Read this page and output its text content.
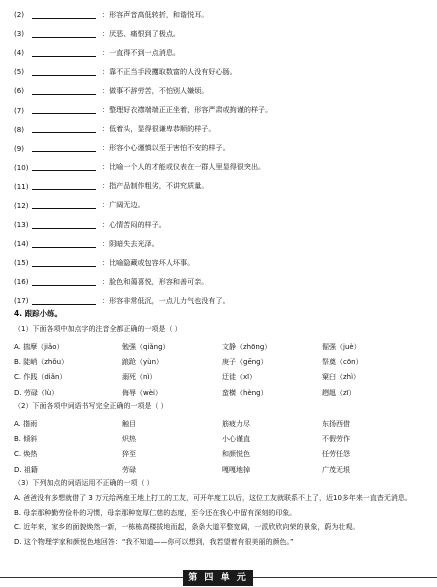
(2)	：形容声音高低转折，和谐悦耳。
(3)	：厌恶、痛恨到了极点。
(4)	：一直得不到一点消息。
(5)	：靠不正当手段攫取数富的人没有好心肠。
(6)	：做事不辞劳苦，不怕别人嫌烦。
(7)	：整理好衣襟端端正正坐着，形容严肃或拘谨的样子。
(8)	：低着头，显得很谦卑恭顺的样子。
(9)	：形容小心谨慎以至于害怕不安的样子。
(10)	：比喻一个人的才能或仪表在一群人里显得很突出。
(11)	：指产品制作粗劣，不讲究质量。
(12)	：广阔无边。
(13)	：心情苦闷的样子。
(14)	：阴暗失去光泽。
(15)	：比喻隐藏或包容坏人坏事。
(16)	：脸色和蔼喜悦，形容和善可亲。
(17)	：形容非常低沉，一点儿力气也没有了。
4. 跟踪小练。
（1）下面各项中加点字的注音全都正确的一项是（ ）
A. 揣摩（jiǎo）	勉强（qiǎng）	文静（zhōng）	倔强（juè）
B. 陡峭（zhǒu）	踉跄（yùn）	庚子（gēng）	祭奠（cōn）
C. 作践（diǎn）	溺死（nì）	迂徒（xī）	窠臼（zhì）
D. 劳碌（lù）	侮辱（wèi）	蛮横（hèng）	趔趄（zī）
（2）下面各项中词语书写完全正确的一项是（ ）
A. 揩雨	触目	筋疲力尽	东扬西借
B. 倾斜	炽热	小心谨直	不假劳作
C. 焕热	猝至	和颜悦色	任劳任怨
D. 祖籍	劳碌	嘎嘎地掉	广茂无垠
（3）下列加点的词语运用不正确的一项（ ）
A. 爸爸没有多想就借了 3 万元给两座王地上打工的工友，可开年度工以后，这位工友就联系不上了，近10多年来一直杳无消息。
B. 母亲那种勤劳俭朴的习惯，母亲那种宽厚仁慈的态度，至今还在我心中留有深刻的印象。
C. 近年来，家乡的面貌焕然一新，一栋栋高楼拔地而起，条条大道平整宽阔，一派欣欣向荣的景象，蔚为壮观。
D. 这个物理学家和颜悦色地回答：“我不知道——你可以想到，我若望着有很美丽的颜色。”
第 四 单 元
